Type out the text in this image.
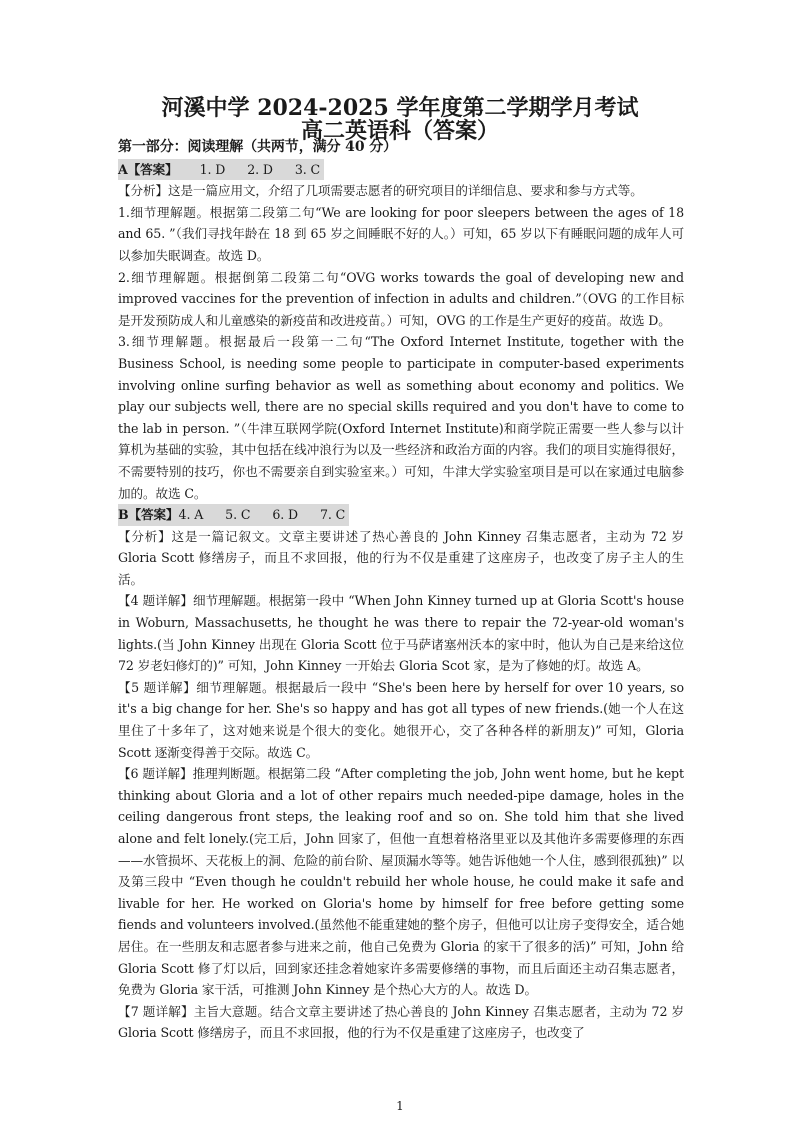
河溪中学 2024-2025 学年度第二学期学月考试
高二英语科（答案）

第一部分：阅读理解（共两节，满分 40 分）

A【答案】 1. D 2. D 3. C

【分析】这是一篇应用文，介绍了几项需要志愿者的研究项目的详细信息、要求和参与方式等。

1.细节理解题。根据第二段第二句“We are looking for poor sleepers between the ages of 18 and 65. ”（我们寻找年龄在 18 到 65 岁之间睡眠不好的人。）可知，65 岁以下有睡眠问题的成年人可以参加失眠调查。故选 D。

2.细节理解题。根据倒第二段第二句“OVG works towards the goal of developing new and improved vaccines for the prevention of infection in adults and children.”（OVG 的工作目标是开发预防成人和儿童感染的新疫苗和改进疫苗。）可知，OVG 的工作是生产更好的疫苗。故选 D。

3.细节理解题。根据最后一段第一二句“The Oxford Internet Institute, together with the Business School, is needing some people to participate in computer-based experiments involving online surfing behavior as well as something about economy and politics. We play our subjects well, there are no special skills required and you don't have to come to the lab in person. ”（牛津互联网学院(Oxford Internet Institute)和商学院正需要一些人参与以计算机为基础的实验，其中包括在线冲浪行为以及一些经济和政治方面的内容。我们的项目实施得很好，不需要特别的技巧，你也不需要亲自到实验室来。）可知，牛津大学实验室项目是可以在家通过电脑参加的。故选 C。

B【答案】4. A 5. C 6. D 7. C

【分析】这是一篇记叙文。文章主要讲述了热心善良的 John Kinney 召集志愿者，主动为 72 岁 Gloria Scott 修缮房子，而且不求回报，他的行为不仅是重建了这座房子，也改变了房子主人的生活。

【4 题详解】细节理解题。根据第一段中 “When John Kinney turned up at Gloria Scott's house in Woburn, Massachusetts, he thought he was there to repair the 72-year-old woman's lights.(当 John Kinney 出现在 Gloria Scott 位于马萨诸塞州沃本的家中时，他认为自己是来给这位 72 岁老妇修灯的)” 可知，John Kinney 一开始去 Gloria Scot 家，是为了修她的灯。故选 A。

【5 题详解】细节理解题。根据最后一段中 “She's been here by herself for over 10 years, so it's a big change for her. She's so happy and has got all types of new friends.(她一个人在这里住了十多年了，这对她来说是个很大的变化。她很开心，交了各种各样的新朋友)” 可知，Gloria Scott 逐渐变得善于交际。故选 C。

【6 题详解】推理判断题。根据第二段 “After completing the job, John went home, but he kept thinking about Gloria and a lot of other repairs much needed-pipe damage, holes in the ceiling dangerous front steps, the leaking roof and so on. She told him that she lived alone and felt lonely.(完工后，John 回家了，但他一直想着格洛里亚以及其他许多需要修理的东西——水管损坏、天花板上的洞、危险的前台阶、屋顶漏水等等。她告诉他她一个人住，感到很孤独)” 以及第三段中 “Even though he couldn't rebuild her whole house, he could make it safe and livable for her. He worked on Gloria's home by himself for free before getting some fiends and volunteers involved.(虽然他不能重建她的整个房子，但他可以让房子变得安全，适合她居住。在一些朋友和志愿者参与进来之前，他自己免费为 Gloria 的家干了很多的活)” 可知，John 给 Gloria Scott 修了灯以后，回到家还挂念着她家许多需要修缮的事物，而且后面还主动召集志愿者，免费为 Gloria 家干活，可推测 John Kinney 是个热心大方的人。故选 D。

【7 题详解】主旨大意题。结合文章主要讲述了热心善良的 John Kinney 召集志愿者，主动为 72 岁 Gloria Scott 修缮房子，而且不求回报，他的行为不仅是重建了这座房子，也改变了

1
